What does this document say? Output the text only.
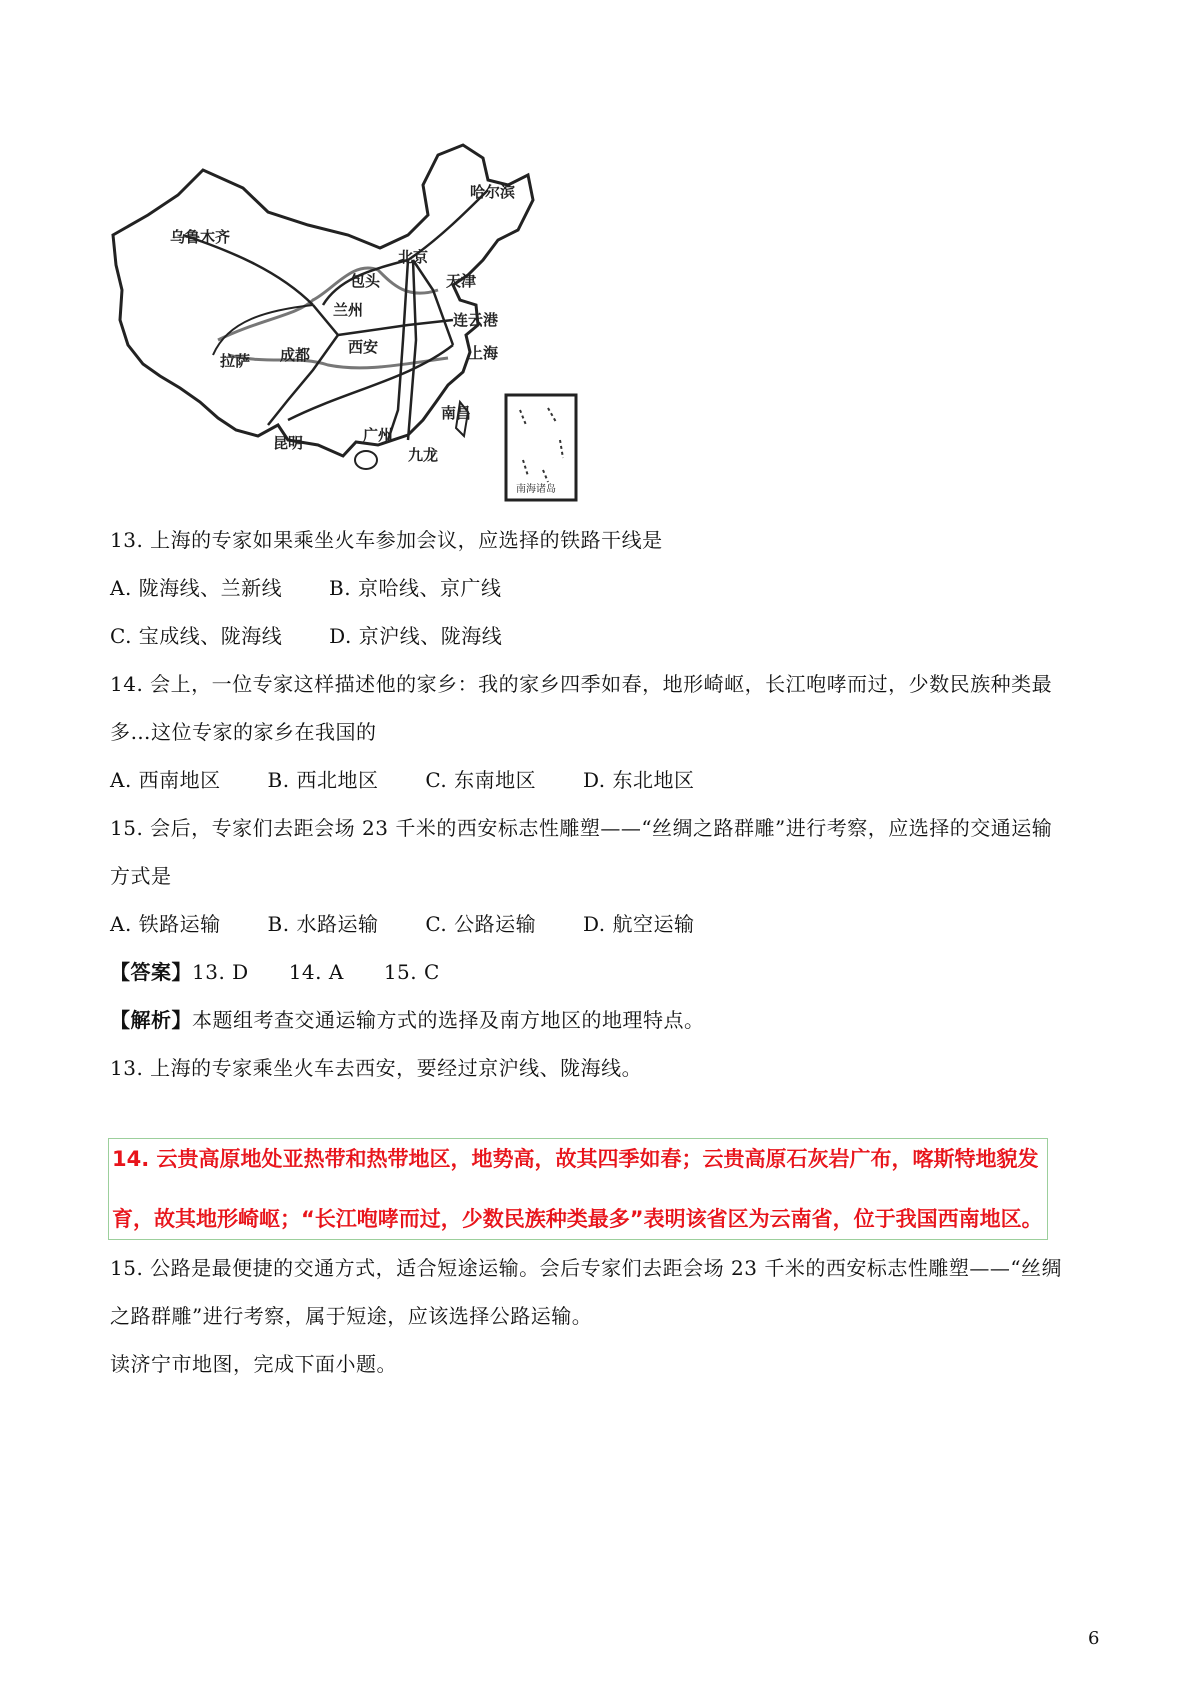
乌鲁木齐
哈尔滨
北京
包头	天津
兰州
连云港
西安
拉萨 成都	上海
南昌
昆明	广州
九龙
南海诸岛
13. 上海的专家如果乘坐火车参加会议，应选择的铁路干线是
A. 陇海线、兰新线 B. 京哈线、京广线
C. 宝成线、陇海线 D. 京沪线、陇海线
14. 会上，一位专家这样描述他的家乡：我的家乡四季如春，地形崎岖，长江咆哮而过，少数民族种类最
多…这位专家的家乡在我国的
A. 西南地区 B. 西北地区 C. 东南地区 D. 东北地区
15. 会后，专家们去距会场 23 千米的西安标志性雕塑——“丝绸之路群雕”进行考察，应选择的交通运输
方式是
A. 铁路运输 B. 水路运输 C. 公路运输 D. 航空运输
【答案】13. D 14. A 15. C
【解析】本题组考查交通运输方式的选择及南方地区的地理特点。
13. 上海的专家乘坐火车去西安，要经过京沪线、陇海线。
14. 云贵高原地处亚热带和热带地区，地势高，故其四季如春；云贵高原石灰岩广布，喀斯特地貌发
育，故其地形崎岖；“长江咆哮而过，少数民族种类最多”表明该省区为云南省，位于我国西南地区。
15. 公路是最便捷的交通方式，适合短途运输。会后专家们去距会场 23 千米的西安标志性雕塑——“丝绸
之路群雕”进行考察，属于短途，应该选择公路运输。
读济宁市地图，完成下面小题。
6
